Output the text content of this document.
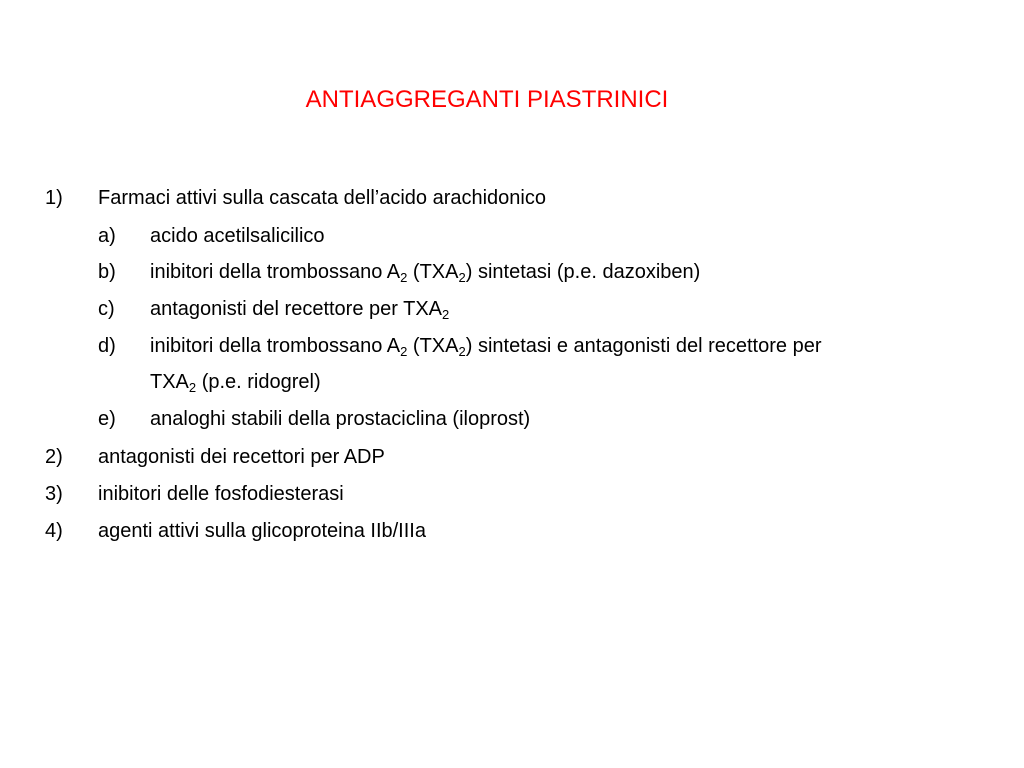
ANTIAGGREGANTI PIASTRINICI
1) Farmaci attivi sulla cascata dell’acido arachidonico
a) acido acetilsalicilico
b) inibitori della trombossano $A_2$ $(TXA_2)$ sintetasi (p.e. dazoxiben)
c) antagonisti del recettore per $TXA_2$
d) inibitori della trombossano $A_2$ $(TXA_2)$ sintetasi e antagonisti del recettore per
$TXA_2$ (p.e. ridogrel)
e) analoghi stabili della prostaciclina (iloprost)
2) antagonisti dei recettori per ADP
3) inibitori delle fosfodiesterasi
4) agenti attivi sulla glicoproteina IIb/IIIa
